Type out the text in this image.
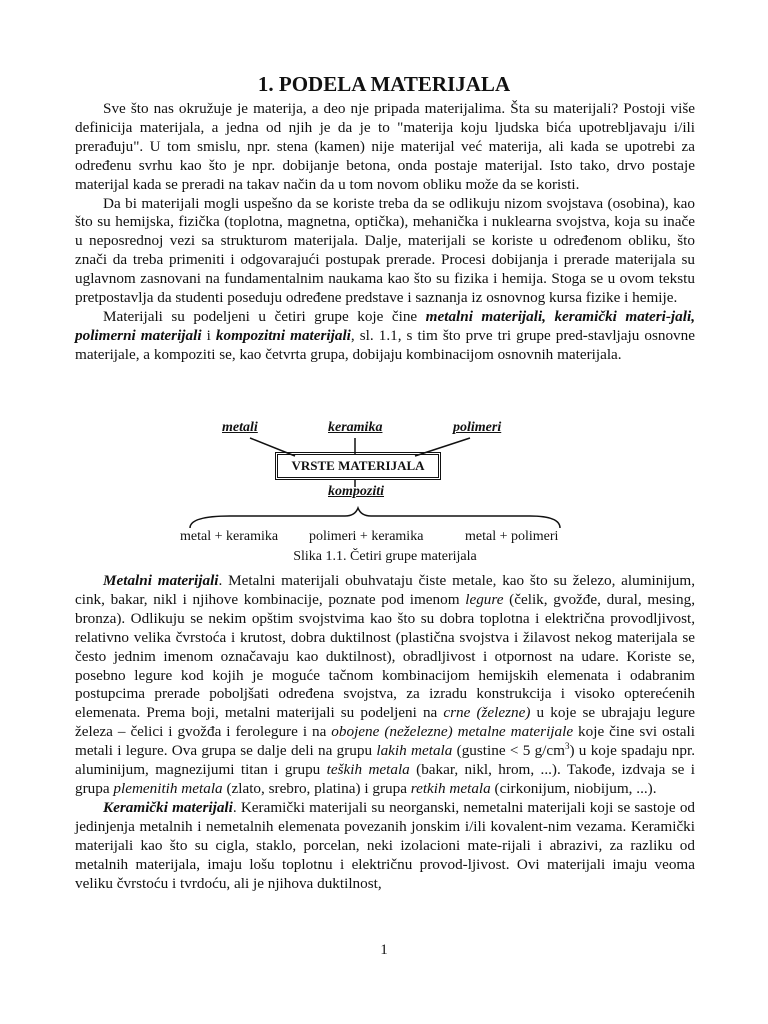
1. PODELA MATERIJALA

Sve što nas okružuje je materija, a deo nje pripada materijalima. Šta su materijali? Postoji više definicija materijala, a jedna od njih je da je to "materija koju ljudska bića upotrebljavaju i/ili prerađuju". U tom smislu, npr. stena (kamen) nije materijal već materija, ali kada se upotrebi za određenu svrhu kao što je npr. dobijanje betona, onda postaje materijal. Isto tako, drvo postaje materijal kada se preradi na takav način da u tom novom obliku može da se koristi.

Da bi materijali mogli uspešno da se koriste treba da se odlikuju nizom svojstava (osobina), kao što su hemijska, fizička (toplotna, magnetna, optička), mehanička i nuklearna svojstva, koja su inače u neposrednoj vezi sa strukturom materijala. Dalje, materijali se koriste u određenom obliku, što znači da treba primeniti i odgovarajući postupak prerade. Procesi dobijanja i prerade materijala su uglavnom zasnovani na fundamentalnim naukama kao što su fizika i hemija. Stoga se u ovom tekstu pretpostavlja da studenti poseduju određene predstave i saznanja iz osnovnog kursa fizike i hemije.

Materijali su podeljeni u četiri grupe koje čine metalni materijali, keramički materi-jali, polimerni materijali i kompozitni materijali, sl. 1.1, s tim što prve tri grupe pred-stavljaju osnovne materijale, a kompoziti se, kao četvrta grupa, dobijaju kombinacijom osnovnih materijala.

metali	keramika	polimeri
VRSTE MATERIJALA
kompoziti
metal + keramika polimeri + keramika	metal + polimeri
Slika 1.1. Četiri grupe materijala

Metalni materijali. Metalni materijali obuhvataju čiste metale, kao što su železo, aluminijum, cink, bakar, nikl i njihove kombinacije, poznate pod imenom legure (čelik, gvožđe, dural, mesing, bronza). Odlikuju se nekim opštim svojstvima kao što su dobra toplotna i električna provodljivost, relativno velika čvrstoća i krutost, dobra duktilnost (plastična svojstva i žilavost nekog materijala se često jednim imenom označavaju kao duktilnost), obradljivost i otpornost na udare. Koriste se, posebno legure kod kojih je moguće tačnom kombinacijom hemijskih elemenata i odabranim postupcima prerade poboljšati određena svojstva, za izradu konstrukcija i visoko opterećenih elemenata. Prema boji, metalni materijali su podeljeni na crne (železne) u koje se ubrajaju legure železa – čelici i gvožđa i ferolegure i na obojene (neželezne) metalne materijale koje čine svi ostali metali i legure. Ova grupa se dalje deli na grupu lakih metala (gustine < 5 $g/cm^3$) u koje spadaju npr. aluminijum, magnezijumi titan i grupu teških metala (bakar, nikl, hrom, ...). Takođe, izdvaja se i grupa plemenitih metala (zlato, srebro, platina) i grupa retkih metala (cirkonijum, niobijum, ...).

Keramički materijali. Keramički materijali su neorganski, nemetalni materijali koji se sastoje od jedinjenja metalnih i nemetalnih elemenata povezanih jonskim i/ili kovalent-nim vezama. Keramički materijali kao što su cigla, staklo, porcelan, neki izolacioni mate-rijali i abrazivi, za razliku od metalnih materijala, imaju lošu toplotnu i električnu provod-ljivost. Ovi materijali imaju veoma veliku čvrstoću i tvrdoću, ali je njihova duktilnost,

1
